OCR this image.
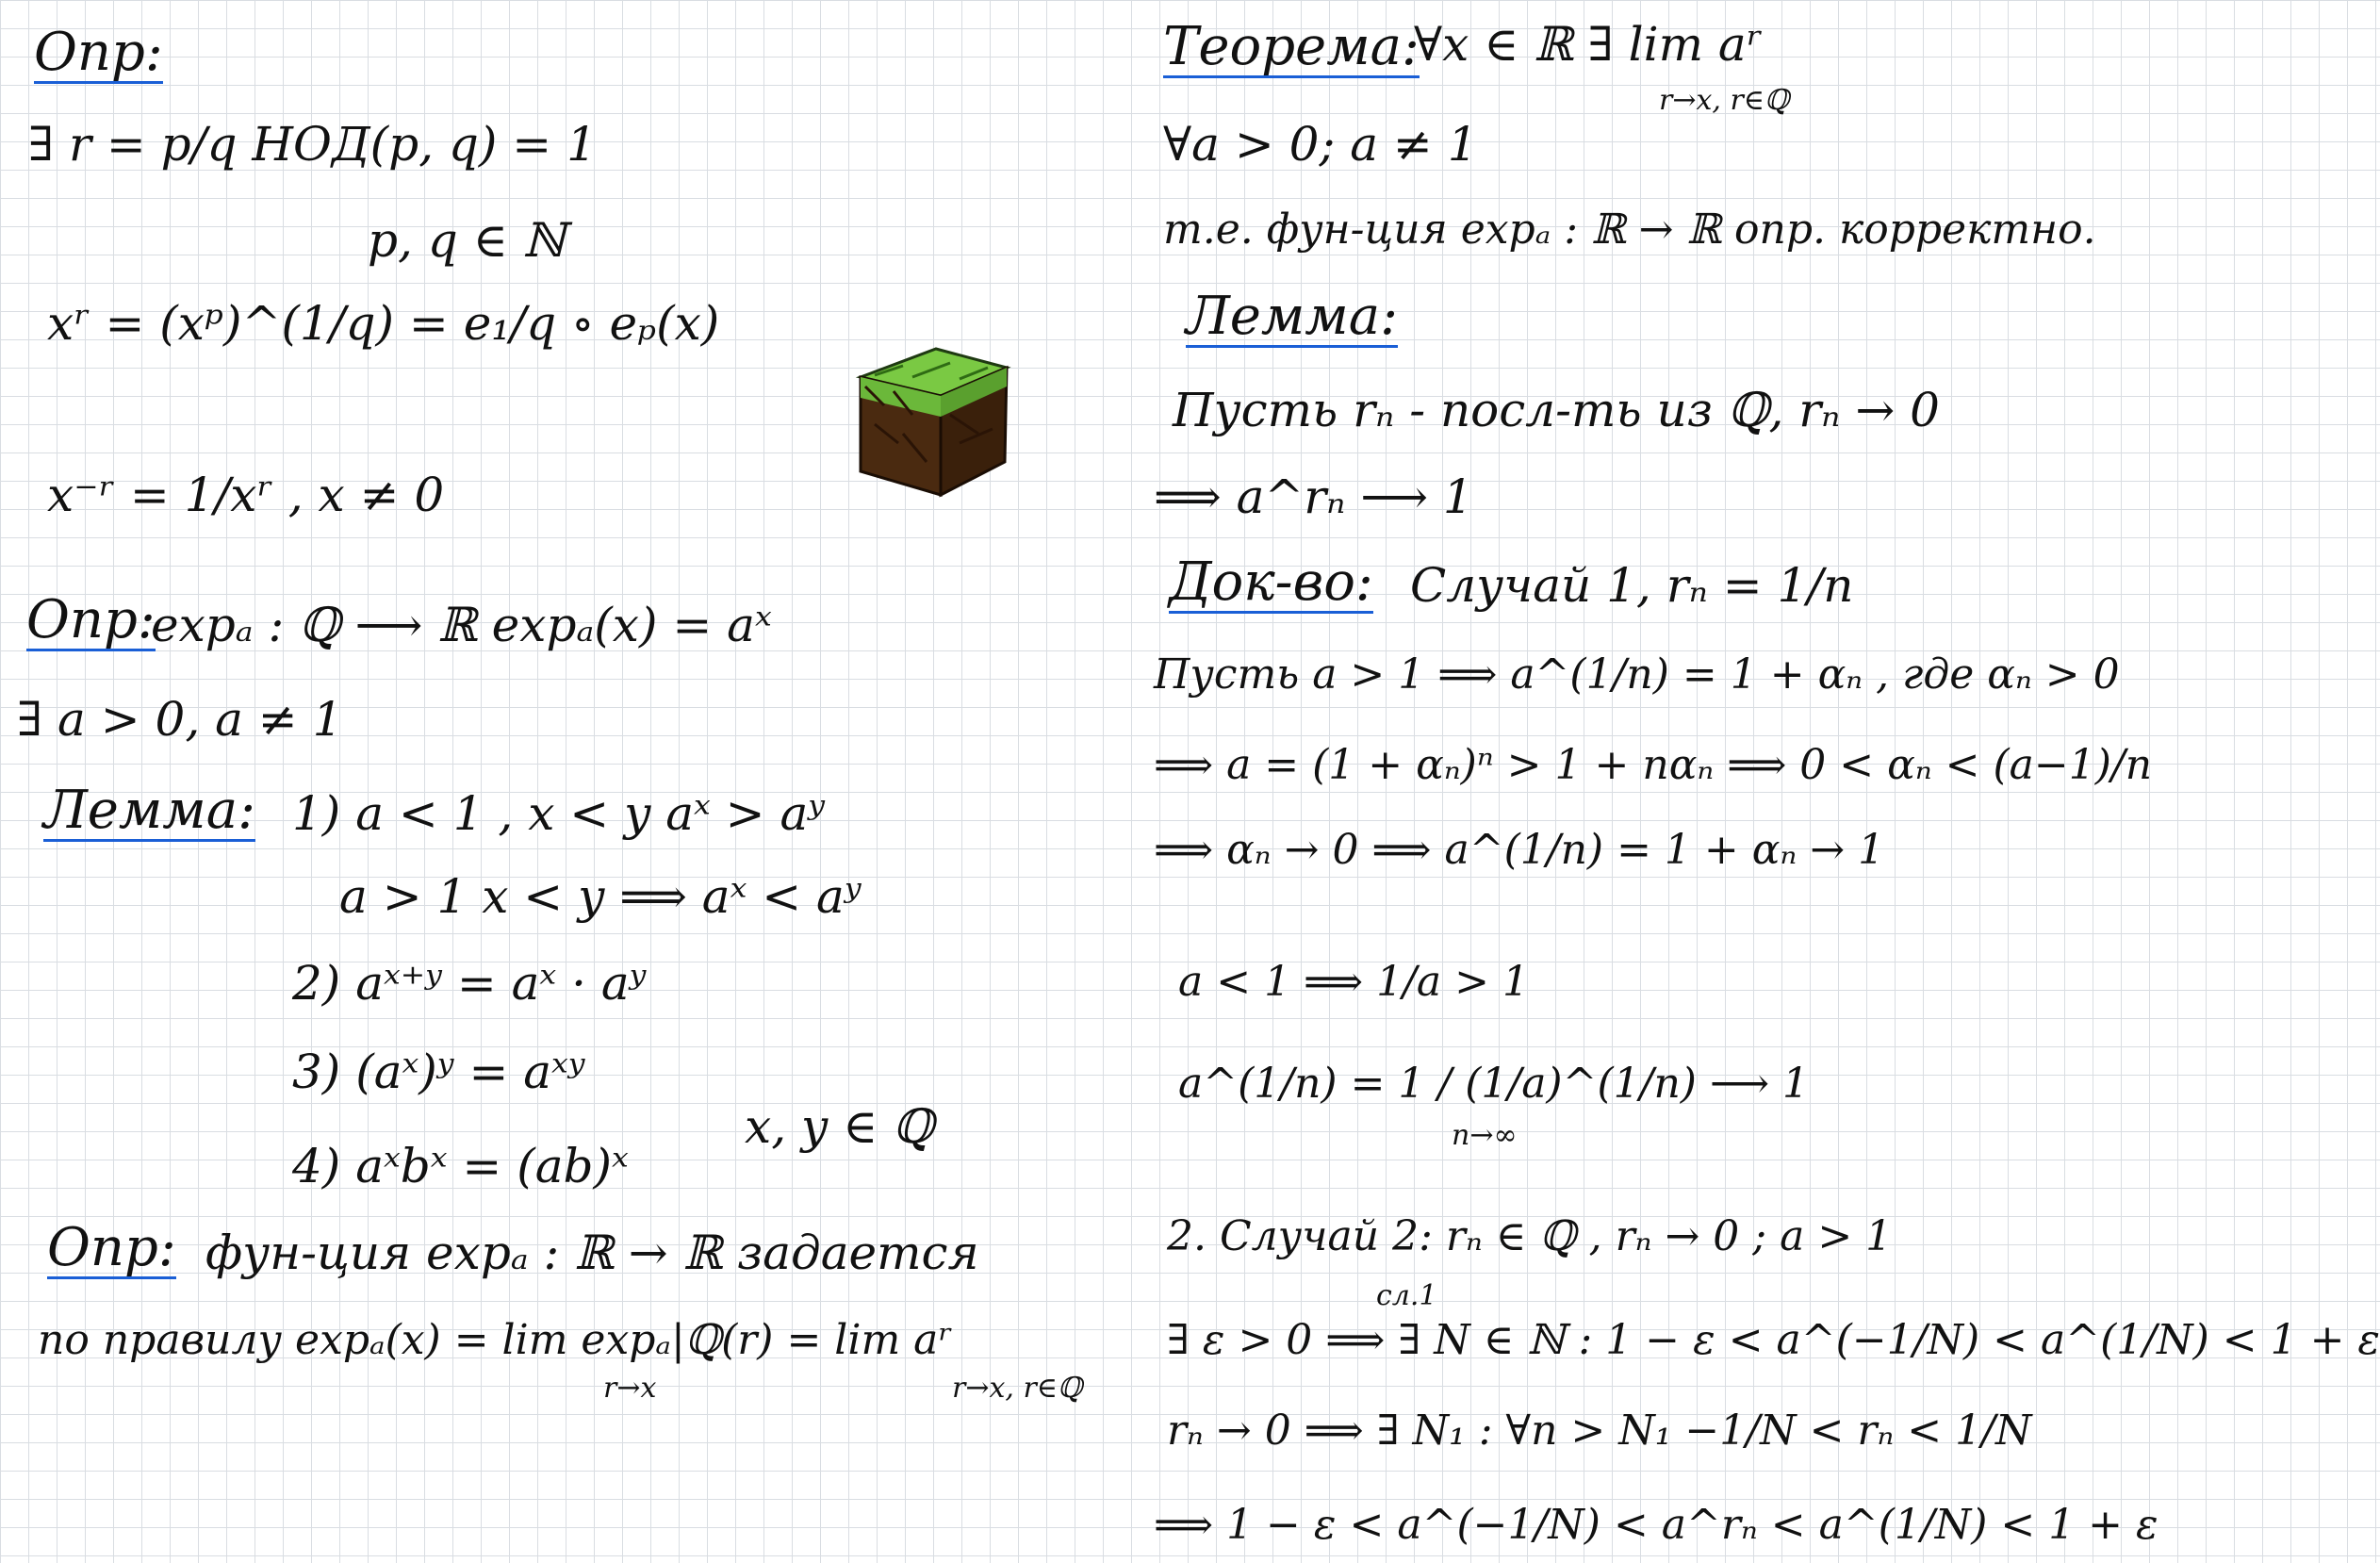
Опр:
∃ r = p/q НОД(p, q) = 1
p, q ∈ ℕ
xʳ = (xᵖ)^(1/q) = e₁/q ∘ eₚ(x)
x⁻ʳ = 1/xʳ , x ≠ 0
Опр:
expₐ : ℚ ⟶ ℝ expₐ(x) = aˣ
∃ a > 0, a ≠ 1
Лемма: 1) a < 1 , x < y aˣ > aʸ
a > 1 x < y ⟹ aˣ < aʸ
2) aˣ⁺ʸ = aˣ · aʸ
3) (aˣ)ʸ = aˣʸ
4) aˣbˣ = (ab)ˣ
x, y ∈ ℚ
Опр: фун-ция expₐ : ℝ → ℝ задается
по правилу expₐ(x) = lim expₐ|ℚ(r) = lim aʳ
r→x	r→x, r∈ℚ
Теорема:
∀x ∈ ℝ ∃ lim aʳ
r→x, r∈ℚ
∀a > 0; a ≠ 1
т.е. фун-ция expₐ : ℝ → ℝ опр. корректно.
Лемма:
Пусть rₙ - посл-ть из ℚ, rₙ → 0
⟹ a^rₙ ⟶ 1
Док-во: Случай 1, rₙ = 1/n
Пусть a > 1 ⟹ a^(1/n) = 1 + αₙ , где αₙ > 0
⟹ a = (1 + αₙ)ⁿ > 1 + nαₙ ⟹ 0 < αₙ < (a−1)/n
⟹ αₙ → 0 ⟹ a^(1/n) = 1 + αₙ → 1
a < 1 ⟹ 1/a > 1
a^(1/n) = 1 / (1/a)^(1/n) ⟶ 1
n→∞
2. Случай 2: rₙ ∈ ℚ , rₙ → 0 ; a > 1
сл.1
∃ ε > 0 ⟹ ∃ N ∈ ℕ : 1 − ε < a^(−1/N) < a^(1/N) < 1 + ε
rₙ → 0 ⟹ ∃ N₁ : ∀n > N₁ −1/N < rₙ < 1/N
⟹ 1 − ε < a^(−1/N) < a^rₙ < a^(1/N) < 1 + ε
